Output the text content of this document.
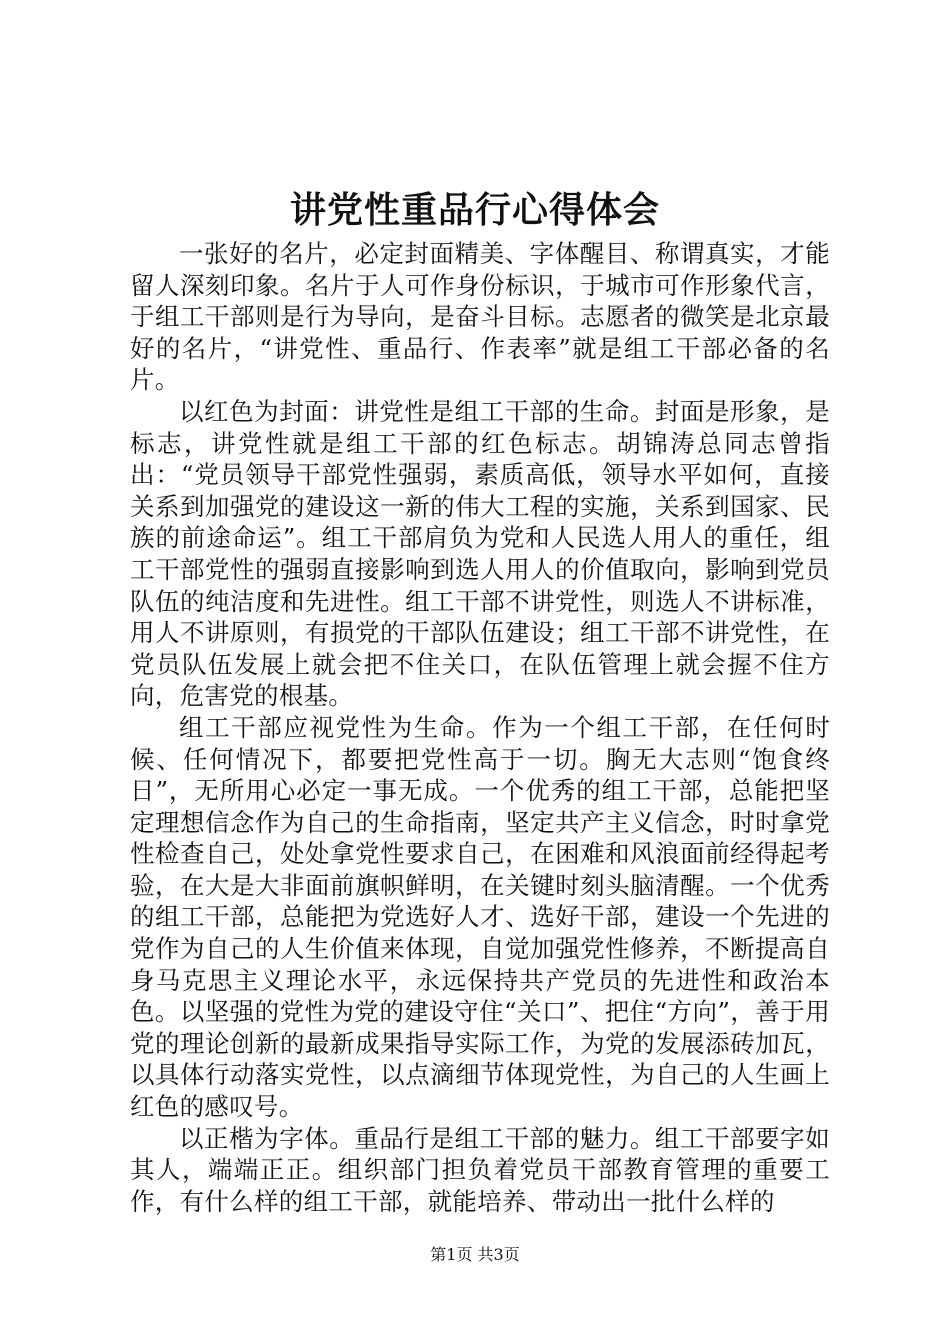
讲党性重品行心得体会

一张好的名片，必定封面精美、字体醒目、称谓真实，才能留人深刻印象。名片于人可作身份标识，于城市可作形象代言，于组工干部则是行为导向，是奋斗目标。志愿者的微笑是北京最好的名片，“讲党性、重品行、作表率”就是组工干部必备的名片。

以红色为封面：讲党性是组工干部的生命。封面是形象，是标志，讲党性就是组工干部的红色标志。胡锦涛总同志曾指出：“党员领导干部党性强弱，素质高低，领导水平如何，直接关系到加强党的建设这一新的伟大工程的实施，关系到国家、民族的前途命运”。组工干部肩负为党和人民选人用人的重任，组工干部党性的强弱直接影响到选人用人的价值取向，影响到党员队伍的纯洁度和先进性。组工干部不讲党性，则选人不讲标准，用人不讲原则，有损党的干部队伍建设；组工干部不讲党性，在党员队伍发展上就会把不住关口，在队伍管理上就会握不住方向，危害党的根基。

组工干部应视党性为生命。作为一个组工干部，在任何时候、任何情况下，都要把党性高于一切。胸无大志则“饱食终日”，无所用心必定一事无成。一个优秀的组工干部，总能把坚定理想信念作为自己的生命指南，坚定共产主义信念，时时拿党性检查自己，处处拿党性要求自己，在困难和风浪面前经得起考验，在大是大非面前旗帜鲜明，在关键时刻头脑清醒。一个优秀的组工干部，总能把为党选好人才、选好干部，建设一个先进的党作为自己的人生价值来体现，自觉加强党性修养，不断提高自身马克思主义理论水平，永远保持共产党员的先进性和政治本色。以坚强的党性为党的建设守住“关口”、把住“方向”，善于用党的理论创新的最新成果指导实际工作，为党的发展添砖加瓦，以具体行动落实党性，以点滴细节体现党性，为自己的人生画上红色的感叹号。

以正楷为字体。重品行是组工干部的魅力。组工干部要字如其人，端端正正。组织部门担负着党员干部教育管理的重要工作，有什么样的组工干部，就能培养、带动出一批什么样的

第1页 共3页
